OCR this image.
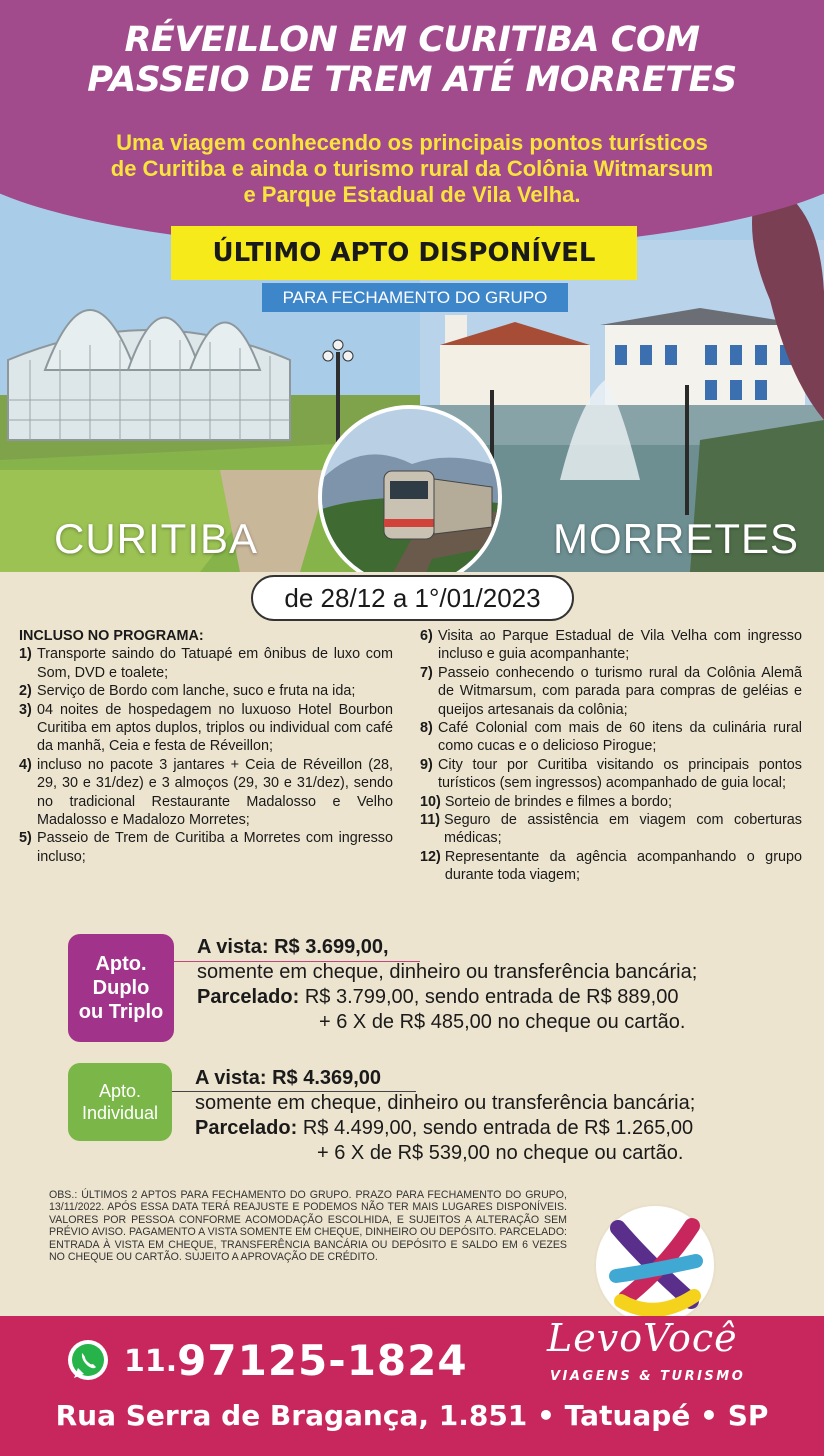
RÉVEILLON EM CURITIBA COM
PASSEIO DE TREM ATÉ MORRETES
Uma viagem conhecendo os principais pontos turísticos
de Curitiba e ainda o turismo rural da Colônia Witmarsum
e Parque Estadual de Vila Velha.
ÚLTIMO APTO DISPONÍVEL
PARA FECHAMENTO DO GRUPO
CURITIBA	MORRETES
de 28/12 a 1°/01/2023
INCLUSO NO PROGRAMA:
1) Transporte saindo do Tatuapé em ônibus de luxo com Som, DVD e toalete;
2) Serviço de Bordo com lanche, suco e fruta na ida;
3) 04 noites de hospedagem no luxuoso Hotel Bourbon Curitiba em aptos duplos, triplos ou individual com café da manhã, Ceia e festa de Réveillon;
4) incluso no pacote 3 jantares + Ceia de Réveillon (28, 29, 30 e 31/dez) e 3 almoços (29, 30 e 31/dez), sendo no tradicional Restaurante Madalosso e Velho Madalosso e Madalozo Morretes;
5) Passeio de Trem de Curitiba a Morretes com ingresso incluso;
6) Visita ao Parque Estadual de Vila Velha com ingresso incluso e guia acompanhante;
7) Passeio conhecendo o turismo rural da Colônia Alemã de Witmarsum, com parada para compras de geléias e queijos artesanais da colônia;
8) Café Colonial com mais de 60 itens da culinária rural como cucas e o delicioso Pirogue;
9) City tour por Curitiba visitando os principais pontos turísticos (sem ingressos) acompanhado de guia local;
10) Sorteio de brindes e filmes a bordo;
11) Seguro de assistência em viagem com coberturas médicas;
12) Representante da agência acompanhando o grupo durante toda viagem;
Apto.
Duplo
ou Triplo
A vista: R$ 3.699,00,
somente em cheque, dinheiro ou transferência bancária;
Parcelado: R$ 3.799,00, sendo entrada de R$ 889,00
+ 6 X de R$ 485,00 no cheque ou cartão.
Apto.
Individual
A vista: R$ 4.369,00
somente em cheque, dinheiro ou transferência bancária;
Parcelado: R$ 4.499,00, sendo entrada de R$ 1.265,00
+ 6 X de R$ 539,00 no cheque ou cartão.
OBS.: ÚLTIMOS 2 APTOS PARA FECHAMENTO DO GRUPO. PRAZO PARA FECHAMENTO DO GRUPO, 13/11/2022. APÓS ESSA DATA TERÁ REAJUSTE E PODEMOS NÃO TER MAIS LUGARES DISPONÍVEIS. VALORES POR PESSOA CONFORME ACOMODAÇÃO ESCOLHIDA, E SUJEITOS A ALTERAÇÃO SEM PRÉVIO AVISO. PAGAMENTO A VISTA SOMENTE EM CHEQUE, DINHEIRO OU DEPÓSITO. PARCELADO: ENTRADA À VISTA EM CHEQUE, TRANSFERÊNCIA BANCÁRIA OU DEPÓSITO E SALDO EM 6 VEZES NO CHEQUE OU CARTÃO. SUJEITO A APROVAÇÃO DE CRÉDITO.
11.97125-1824 LevoVocê
VIAGENS & TURISMO
Rua Serra de Bragança, 1.851 • Tatuapé • SP
